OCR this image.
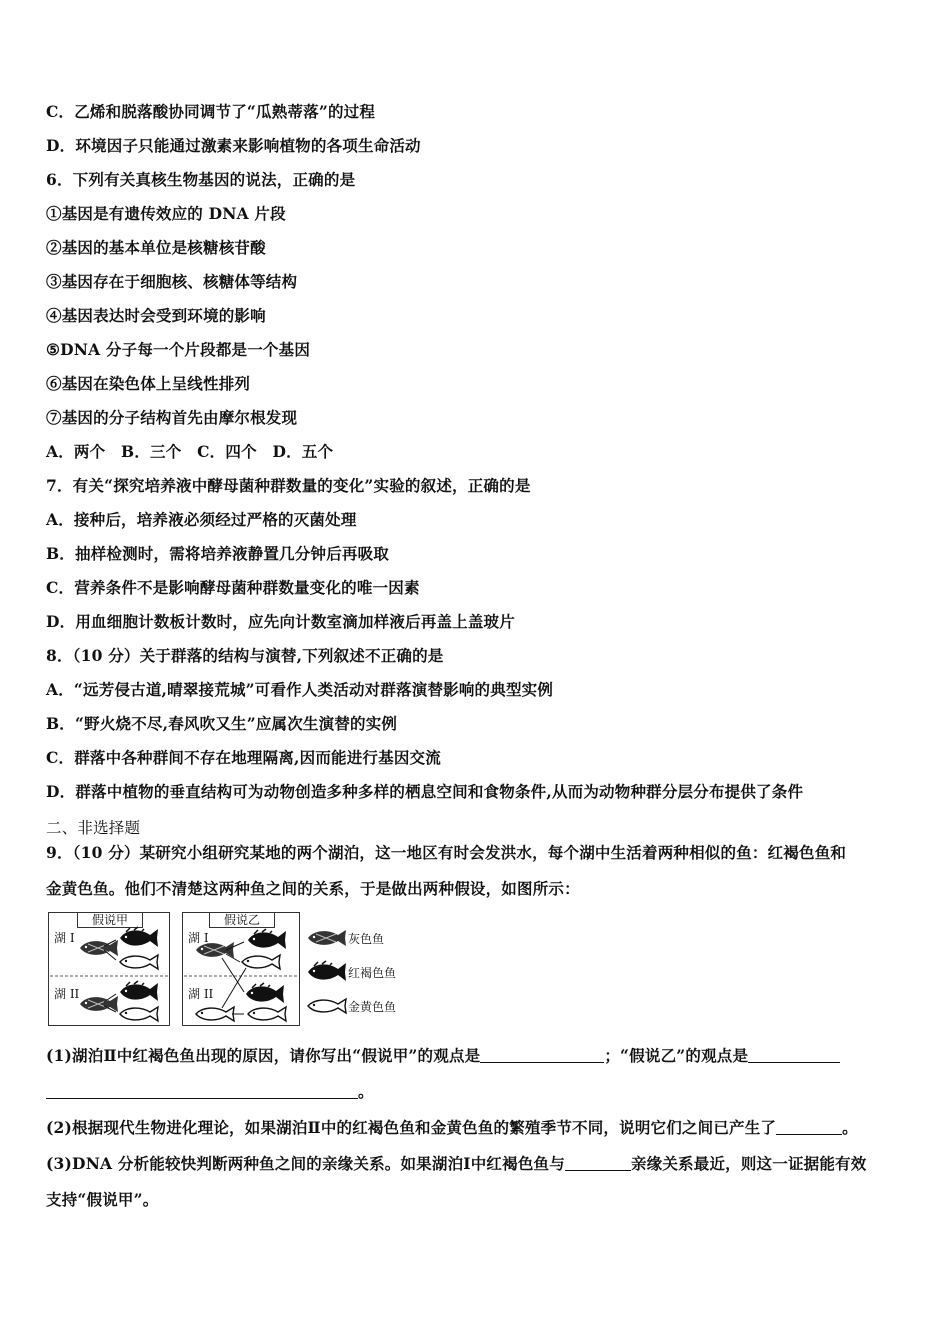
C．乙烯和脱落酸协同调节了“瓜熟蒂落”的过程
D．环境因子只能通过激素来影响植物的各项生命活动
6．下列有关真核生物基因的说法，正确的是
①基因是有遗传效应的 DNA 片段
②基因的基本单位是核糖核苷酸
③基因存在于细胞核、核糖体等结构
④基因表达时会受到环境的影响
⑤DNA 分子每一个片段都是一个基因
⑥基因在染色体上呈线性排列
⑦基因的分子结构首先由摩尔根发现
A．两个　B．三个　C．四个　D．五个
7．有关“探究培养液中酵母菌种群数量的变化”实验的叙述，正确的是
A．接种后，培养液必须经过严格的灭菌处理
B．抽样检测时，需将培养液静置几分钟后再吸取
C．营养条件不是影响酵母菌种群数量变化的唯一因素
D．用血细胞计数板计数时，应先向计数室滴加样液后再盖上盖玻片
8．（10 分）关于群落的结构与演替,下列叙述不正确的是
A．“远芳侵古道,晴翠接荒城”可看作人类活动对群落演替影响的典型实例
B．“野火烧不尽,春风吹又生”应属次生演替的实例
C．群落中各种群间不存在地理隔离,因而能进行基因交流
D．群落中植物的垂直结构可为动物创造多种多样的栖息空间和食物条件,从而为动物种群分层分布提供了条件
二、非选择题
9．（10 分）某研究小组研究某地的两个湖泊，这一地区有时会发洪水，每个湖中生活着两种相似的鱼：红褐色鱼和
金黄色鱼。他们不清楚这两种鱼之间的关系，于是做出两种假设，如图所示：
假说甲
湖 I
湖 II
假说乙
湖 I
湖 II
灰色鱼
红褐色鱼
金黄色鱼
(1)湖泊Ⅱ中红褐色鱼出现的原因，请你写出“假说甲”的观点是	；“假说乙”的观点是
。
(2)根据现代生物进化理论，如果湖泊Ⅱ中的红褐色鱼和金黄色鱼的繁殖季节不同，说明它们之间已产生了	。
(3)DNA 分析能较快判断两种鱼之间的亲缘关系。如果湖泊Ⅰ中红褐色鱼与	亲缘关系最近，则这一证据能有效
支持“假说甲”。
